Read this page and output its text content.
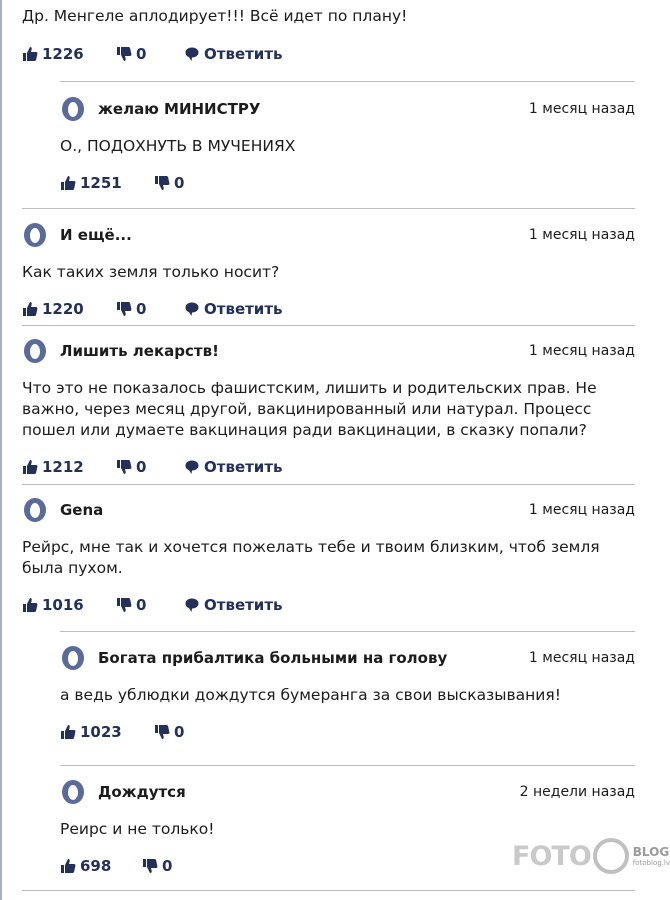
Др. Менгеле аплодирует!!! Всё идет по плану!
1226	0	Ответить
желаю МИНИСТРУ	1 месяц назад
О., ПОДОХНУТЬ В МУЧЕНИЯХ
1251	0
И ещё...	1 месяц назад
Как таких земля только носит?
1220	0	Ответить
Лишить лекарств!	1 месяц назад
Что это не показалось фашистским, лишить и родительских прав. Не
важно, через месяц другой, вакцинированный или натурал. Процесс
пошел или думаете вакцинация ради вакцинации, в сказку попали?
1212	0	Ответить
Gena	1 месяц назад
Рейрс, мне так и хочется пожелать тебе и твоим близким, чтоб земля
была пухом.
1016	0	Ответить
Богата прибалтика больными на голову	1 месяц назад
а ведь ублюдки дождутся бумеранга за свои высказывания!
1023	0
Дождутся	2 недели назад
Реирс и не только!
698	0	FOTO	BLOG
fotoblog.lv
